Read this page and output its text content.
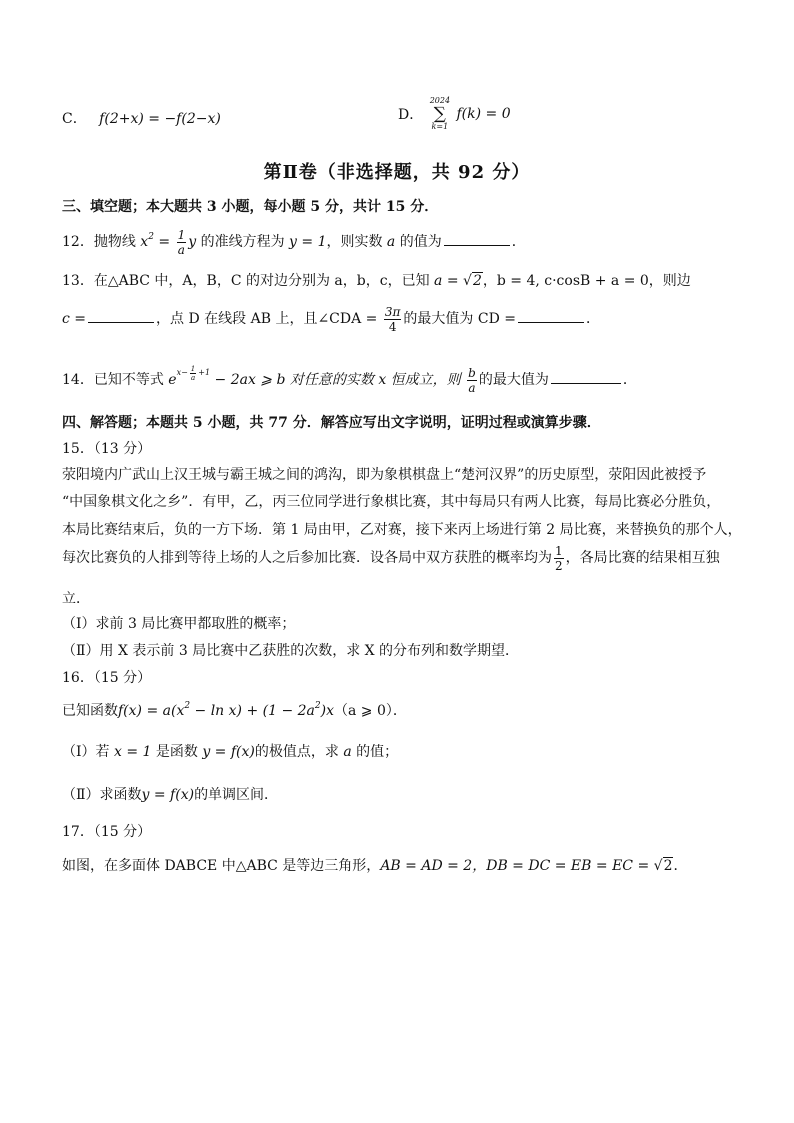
C． f(2+x) = −f(2−x)	D．
2024
∑
k=1
f(k) = 0
第Ⅱ卷（非选择题，共 92 分）
三、填空题；本大题共 3 小题，每小题 5 分，共计 15 分．
12．抛物线 $x^2 = \frac{1}{a}$ y 的准线方程为 y = 1，则实数 a 的值为	．
13．在△ABC 中，A，B，C 的对边分别为 a，b，c，已知 a = √2，b = 4, c·cosB + a = 0，则边
c =	，点 D 在线段 AB 上，且∠CDA = $\frac{3\pi}{4}$ 的最大值为 CD =	．
14．已知不等式 $ex- \frac{1}{a} +1 - 2ax$ ⩾ b 对任意的实数 x 恒成立，则 $\frac{b}{a}$ 的最大值为	．
四、解答题；本题共 5 小题，共 77 分．解答应写出文字说明，证明过程或演算步骤．
15．（13 分）
荥阳境内广武山上汉王城与霸王城之间的鸿沟，即为象棋棋盘上“楚河汉界”的历史原型，荥阳因此被授予
“中国象棋文化之乡”．有甲，乙，丙三位同学进行象棋比赛，其中每局只有两人比赛，每局比赛必分胜负，
本局比赛结束后，负的一方下场．第 1 局由甲，乙对赛，接下来丙上场进行第 2 局比赛，来替换负的那个人，
每次比赛负的人排到等待上场的人之后参加比赛．设各局中双方获胜的概率均为 $\frac{1}{2}$ ，各局比赛的结果相互独
立．
（Ⅰ）求前 3 局比赛甲都取胜的概率；
（Ⅱ）用 X 表示前 3 局比赛中乙获胜的次数，求 X 的分布列和数学期望．
16．（15 分）
已知函数$f(x) = a(x^2 - \ln x) + (1 - 2a^2)x(a$ ⩾ 0）．
（Ⅰ）若 x = 1 是函数 y = f(x)的极值点，求 a 的值；
（Ⅱ）求函数y = f(x)的单调区间．
17．（15 分）
如图，在多面体 DABCE 中△ABC 是等边三角形，AB = AD = 2，DB = DC = EB = EC = √2．
